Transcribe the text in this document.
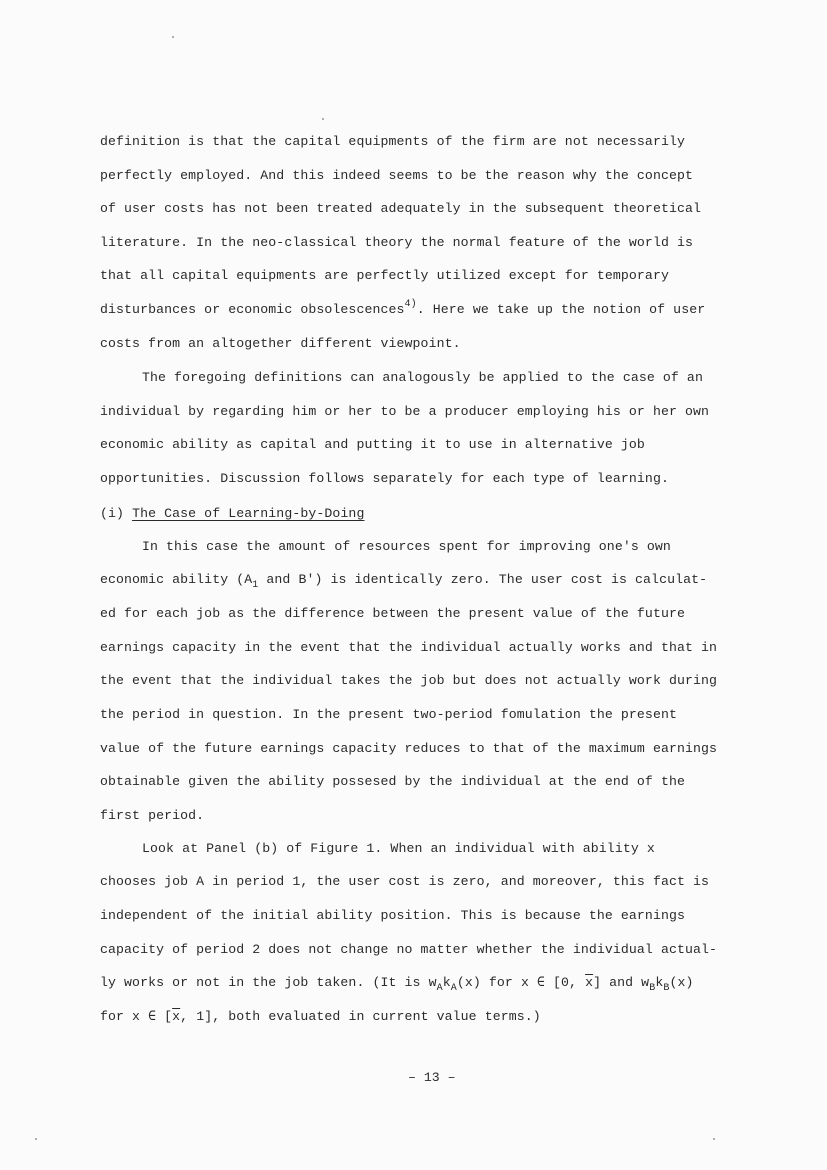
definition is that the capital equipments of the firm are not necessarily
perfectly employed. And this indeed seems to be the reason why the concept
of user costs has not been treated adequately in the subsequent theoretical
literature. In the neo-classical theory the normal feature of the world is
that all capital equipments are perfectly utilized except for temporary
disturbances or economic obsolescences$^{4)}$. Here we take up the notion of user
costs from an altogether different viewpoint.
The foregoing definitions can analogously be applied to the case of an
individual by regarding him or her to be a producer employing his or her own
economic ability as capital and putting it to use in alternative job
opportunities. Discussion follows separately for each type of learning.
(i) The Case of Learning-by-Doing
In this case the amount of resources spent for improving one's own
economic ability ($A_1$ and B') is identically zero. The user cost is calculat-
ed for each job as the difference between the present value of the future
earnings capacity in the event that the individual actually works and that in
the event that the individual takes the job but does not actually work during
the period in question. In the present two-period fomulation the present
value of the future earnings capacity reduces to that of the maximum earnings
obtainable given the ability possesed by the individual at the end of the
first period.
Look at Panel (b) of Figure 1. When an individual with ability x
chooses job A in period 1, the user cost is zero, and moreover, this fact is
independent of the initial ability position. This is because the earnings
capacity of period 2 does not change no matter whether the individual actual-
ly works or not in the job taken. (It is $w_Ak_A(x)$ for x ∈ [0, $\overline{x}$] and $w_Bk_B(x)$
for x ∈ [$\overline{x}$, 1], both evaluated in current value terms.)
– 13 –
